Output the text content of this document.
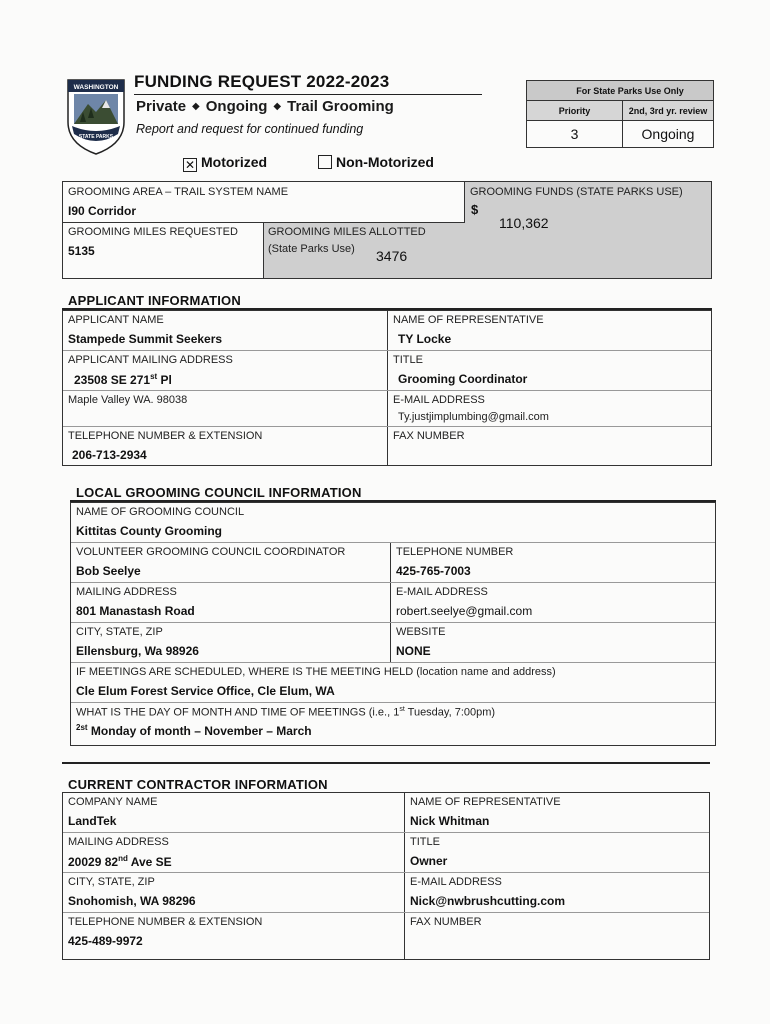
WASHINGTON
STATE PARKS
FUNDING REQUEST 2022-2023
Private ◆ Ongoing ◆ Trail Grooming
Report and request for continued funding
For State Parks Use Only
Priority	2nd, 3rd yr. review
3	Ongoing
✕ Motorized	Non-Motorized
GROOMING AREA – TRAIL SYSTEM NAME
I90 Corridor
GROOMING MILES REQUESTED
5135
GROOMING MILES ALLOTTED
(State Parks Use) 3476
GROOMING FUNDS (STATE PARKS USE)
$
110,362
APPLICANT INFORMATION
APPLICANT NAME
Stampede Summit Seekers
NAME OF REPRESENTATIVE
TY Locke
APPLICANT MAILING ADDRESS
23508 SE 271st Pl
TITLE
Grooming Coordinator
Maple Valley WA. 98038	E-MAIL ADDRESS
Ty.justjimplumbing@gmail.com
TELEPHONE NUMBER & EXTENSION
206-713-2934
FAX NUMBER
LOCAL GROOMING COUNCIL INFORMATION
NAME OF GROOMING COUNCIL
Kittitas County Grooming
VOLUNTEER GROOMING COUNCIL COORDINATOR
Bob Seelye
TELEPHONE NUMBER
425-765-7003
MAILING ADDRESS
801 Manastash Road
E-MAIL ADDRESS
robert.seelye@gmail.com
CITY, STATE, ZIP
Ellensburg, Wa 98926
WEBSITE
NONE
IF MEETINGS ARE SCHEDULED, WHERE IS THE MEETING HELD (location name and address)
Cle Elum Forest Service Office, Cle Elum, WA
WHAT IS THE DAY OF MONTH AND TIME OF MEETINGS (i.e., 1st Tuesday, 7:00pm)
$^{2st}$ Monday of month – November – March
CURRENT CONTRACTOR INFORMATION
COMPANY NAME
LandTek
NAME OF REPRESENTATIVE
Nick Whitman
MAILING ADDRESS
20029 82nd Ave SE
TITLE
Owner
CITY, STATE, ZIP
Snohomish, WA 98296
E-MAIL ADDRESS
Nick@nwbrushcutting.com
TELEPHONE NUMBER & EXTENSION
425-489-9972
FAX NUMBER
